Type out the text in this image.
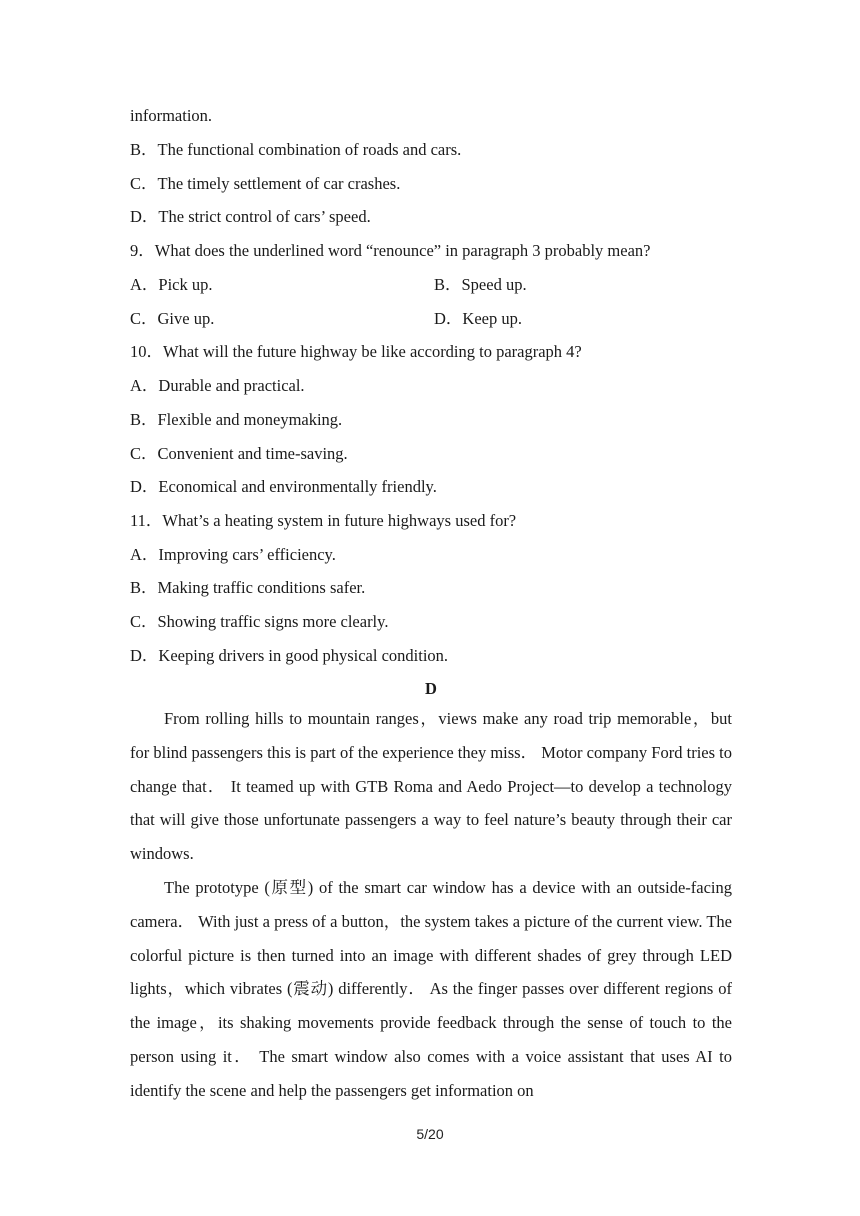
information.
B．The functional combination of roads and cars.
C．The timely settlement of car crashes.
D．The strict control of cars’ speed.
9．What does the underlined word “renounce” in paragraph 3 probably mean?
A．Pick up.	B．Speed up.
C．Give up.	D．Keep up.
10．What will the future highway be like according to paragraph 4?
A．Durable and practical.
B．Flexible and moneymaking.
C．Convenient and time-saving.
D．Economical and environmentally friendly.
11．What’s a heating system in future highways used for?
A．Improving cars’ efficiency.
B．Making traffic conditions safer.
C．Showing traffic signs more clearly.
D．Keeping drivers in good physical condition.
D

From rolling hills to mountain ranges，views make any road trip memorable，but for blind passengers this is part of the experience they miss． Motor company Ford tries to change that． It teamed up with GTB Roma and Aedo Project—to develop a technology that will give those unfortunate passengers a way to feel nature’s beauty through their car windows.

The prototype (原型) of the smart car window has a device with an outside-facing camera． With just a press of a button，the system takes a picture of the current view. The colorful picture is then turned into an image with different shades of grey through LED lights，which vibrates (震动) differently． As the finger passes over different regions of the image，its shaking movements provide feedback through the sense of touch to the person using it． The smart window also comes with a voice assistant that uses AI to identify the scene and help the passengers get information on

5/20
